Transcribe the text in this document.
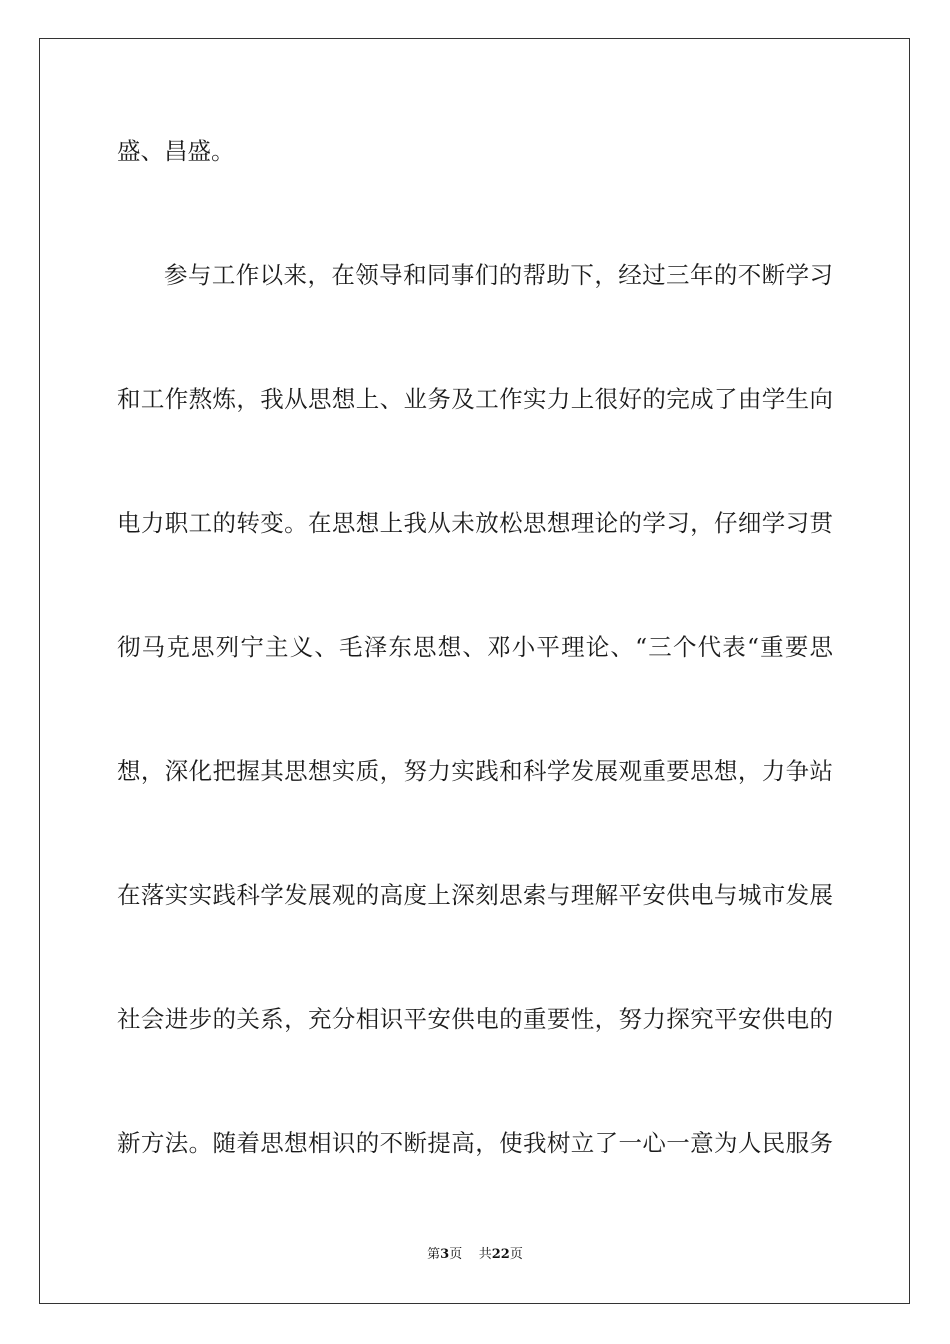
盛、昌盛。
参与工作以来，在领导和同事们的帮助下，经过三年的不断学习
和工作熬炼，我从思想上、业务及工作实力上很好的完成了由学生向
电力职工的转变。在思想上我从未放松思想理论的学习，仔细学习贯
彻马克思列宁主义、毛泽东思想、邓小平理论、“三个代表“重要思
想，深化把握其思想实质，努力实践和科学发展观重要思想，力争站
在落实实践科学发展观的高度上深刻思索与理解平安供电与城市发展
社会进步的关系，充分相识平安供电的重要性，努力探究平安供电的
新方法。随着思想相识的不断提高，使我树立了一心一意为人民服务
第3页 共22页
